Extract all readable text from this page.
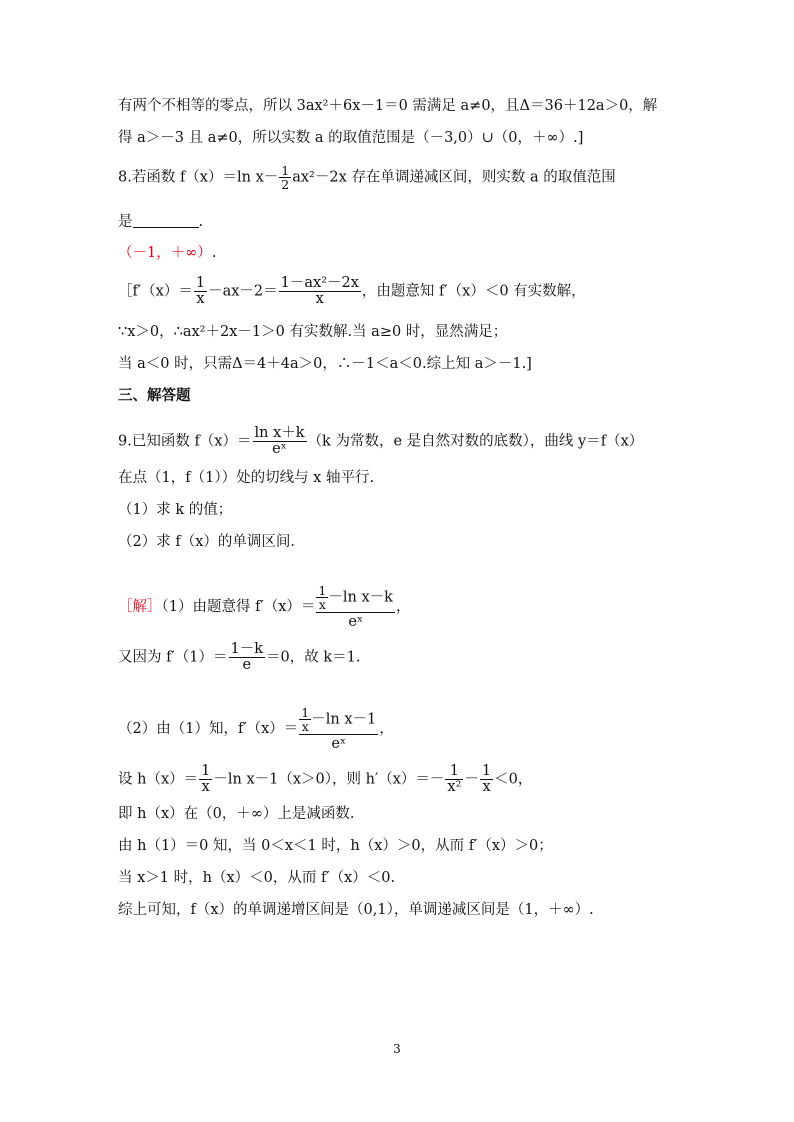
有两个不相等的零点，所以 3ax²＋6x－1＝0 需满足 a≠0，且Δ＝36＋12a＞0，解
得 a＞－3 且 a≠0，所以实数 a 的取值范围是（－3,0）∪（0，＋∞）.]
8.若函数 f（x）＝ln $x- \frac{1}{2} ax^2-2x$ 存在单调递减区间，则实数 a 的取值范围
是	.
（－1，＋∞）.
［f′（x）＝ $\frac{1}{x} -ax-2= \frac{\text{1－ax²－2x}}{x}$ ，由题意知 f′（x）＜0 有实数解，
∵x＞0，∴ax²＋2x－1＞0 有实数解.当 a≥0 时，显然满足；
当 a＜0 时，只需Δ＝4＋4a＞0，∴－1＜a＜0.综上知 a＞－1.]
三、解答题
9.已知函数 $f(x)= \frac{\text{ln x＋k}}{\text{eˣ}} (k$ 为常数，e 是自然对数的底数），曲线 y＝f（x）
在点（1，f（1））处的切线与 x 轴平行.
（1）求 k 的值；
（2）求 f（x）的单调区间.
［解］（1）由题意得 $f'(x)= \frac{\frac{1}{x} -\ln x-k}{\text{eˣ}}$ ，
又因为 $f'(1)= \frac{1-k}{e} =0$，故 k＝1.
（2）由（1）知，$f'(x)= \frac{\frac{1}{x} -\ln x-1}{\text{eˣ}}$ ，
设 $h(x)= \frac{1}{x} -\ln$ x－1（x＞0），则 $h'(x)=- \frac{1}{\text{x²}} - \frac{1}{x} <0$，
即 h（x）在（0，＋∞）上是减函数.
由 h（1）＝0 知，当 0＜x＜1 时，h（x）＞0，从而 f′（x）＞0；
当 x＞1 时，h（x）＜0，从而 f′（x）＜0.
综上可知，f（x）的单调递增区间是（0,1），单调递减区间是（1，＋∞）.
3
